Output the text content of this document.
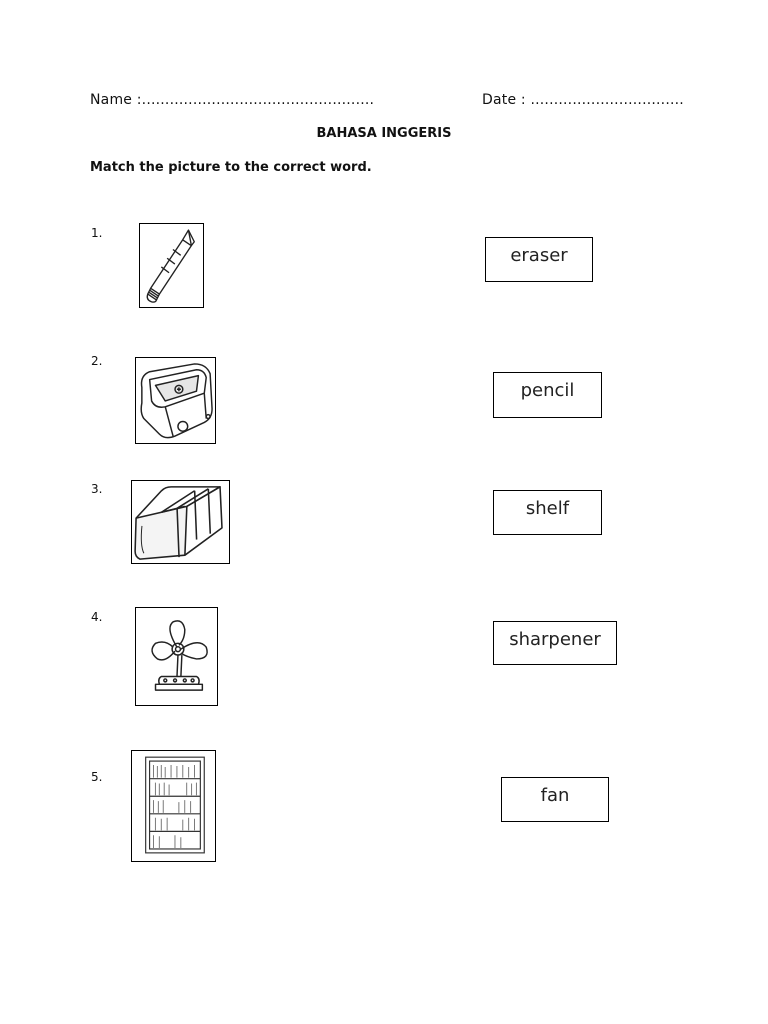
Name :..................................................	Date : .................................
BAHASA INGGERIS
Match the picture to the correct word.
1.
2.
3.
4.
5.
eraser
pencil
shelf
sharpener
fan
